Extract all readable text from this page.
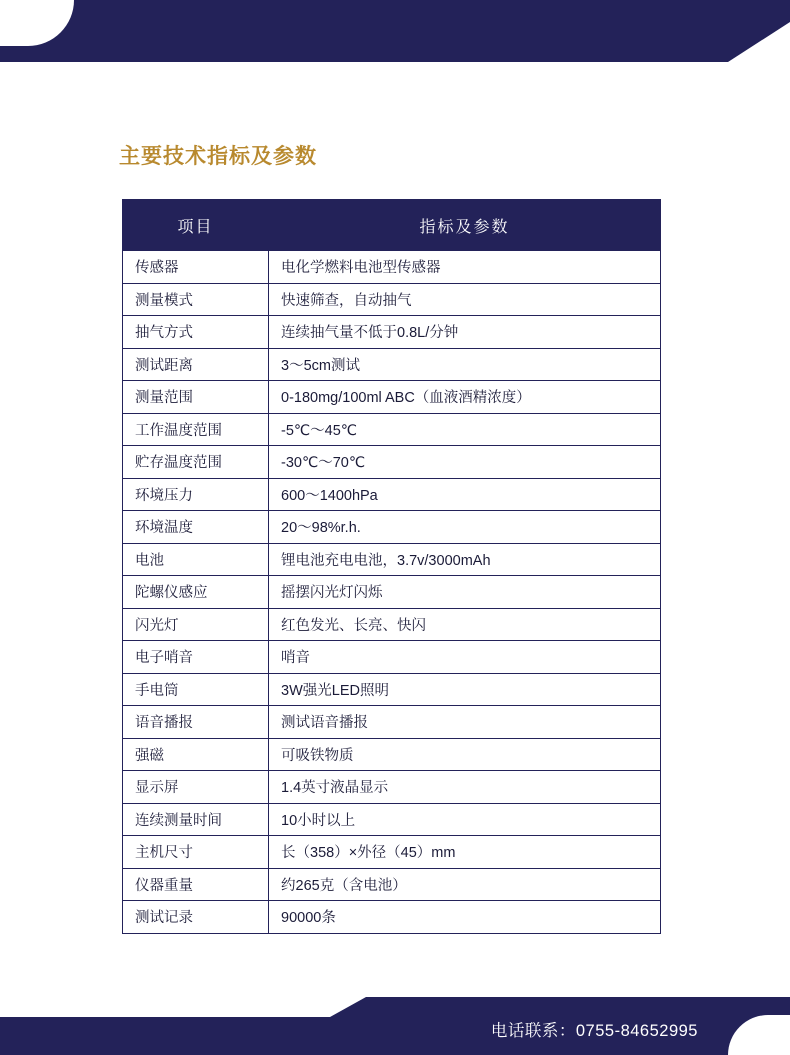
主要技术指标及参数
项目	指标及参数
传感器	电化学燃料电池型传感器
测量模式	快速筛查，自动抽气
抽气方式	连续抽气量不低于0.8L/分钟
测试距离	3～5cm测试
测量范围	0-180mg/100ml ABC（血液酒精浓度）
工作温度范围	-5℃～45℃
贮存温度范围	-30℃～70℃
环境压力	600～1400hPa
环境温度	20～98%r.h.
电池	锂电池充电电池，3.7v/3000mAh
陀螺仪感应	摇摆闪光灯闪烁
闪光灯	红色发光、长亮、快闪
电子哨音	哨音
手电筒	3W强光LED照明
语音播报	测试语音播报
强磁	可吸铁物质
显示屏	1.4英寸液晶显示
连续测量时间	10小时以上
主机尺寸	长（358）×外径（45）mm
仪器重量	约265克（含电池）
测试记录	90000条
电话联系：0755-84652995
